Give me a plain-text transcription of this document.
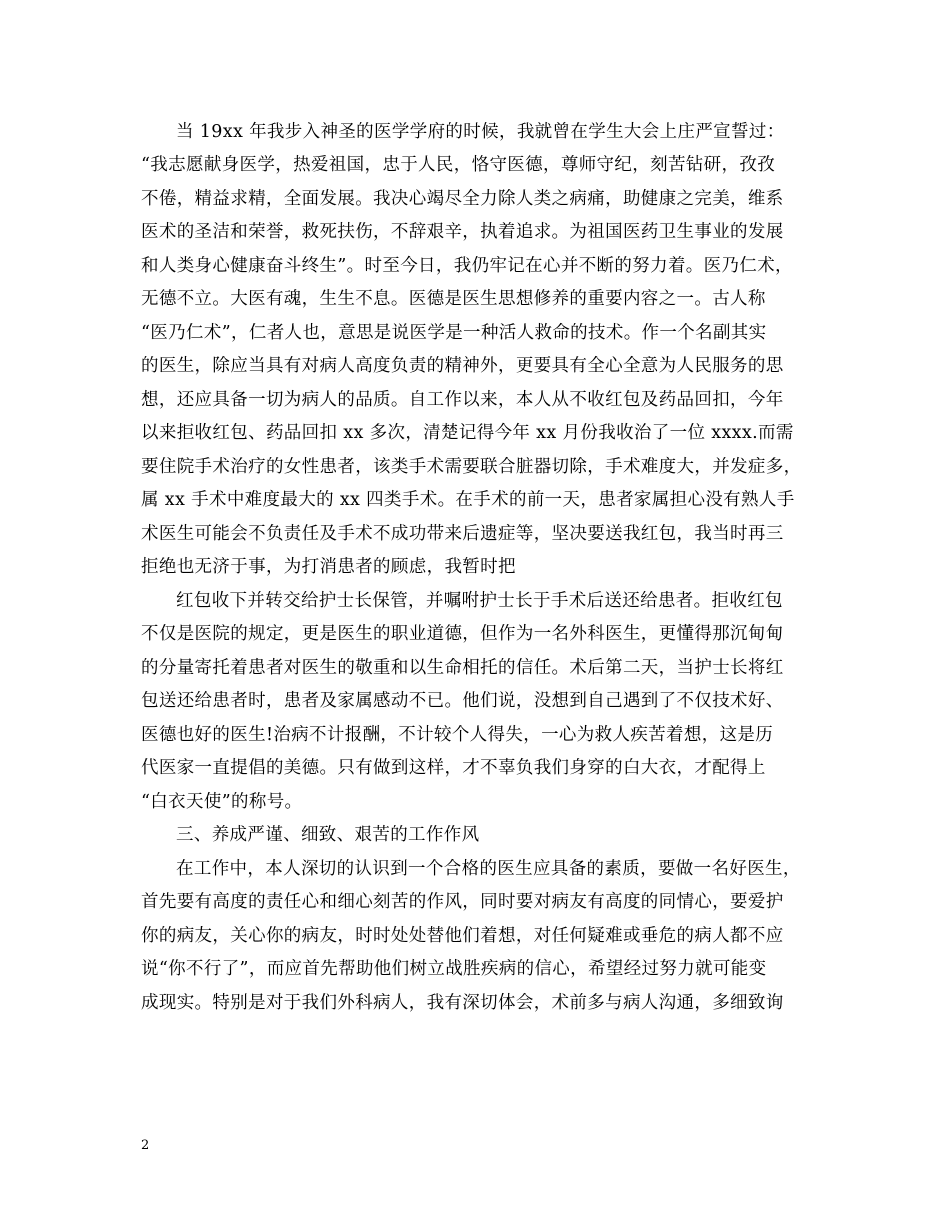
当 19xx 年我步入神圣的医学学府的时候，我就曾在学生大会上庄严宣誓过：
“我志愿献身医学，热爱祖国，忠于人民，恪守医德，尊师守纪，刻苦钻研，孜孜
不倦，精益求精，全面发展。我决心竭尽全力除人类之病痛，助健康之完美，维系
医术的圣洁和荣誉，救死扶伤，不辞艰辛，执着追求。为祖国医药卫生事业的发展
和人类身心健康奋斗终生”。时至今日，我仍牢记在心并不断的努力着。医乃仁术，
无德不立。大医有魂，生生不息。医德是医生思想修养的重要内容之一。古人称
“医乃仁术”，仁者人也，意思是说医学是一种活人救命的技术。作一个名副其实
的医生，除应当具有对病人高度负责的精神外，更要具有全心全意为人民服务的思
想，还应具备一切为病人的品质。自工作以来，本人从不收红包及药品回扣，今年
以来拒收红包、药品回扣 xx 多次，清楚记得今年 xx 月份我收治了一位 xxxx.而需
要住院手术治疗的女性患者，该类手术需要联合脏器切除，手术难度大，并发症多，
属 xx 手术中难度最大的 xx 四类手术。在手术的前一天，患者家属担心没有熟人手
术医生可能会不负责任及手术不成功带来后遗症等，坚决要送我红包，我当时再三
拒绝也无济于事，为打消患者的顾虑，我暂时把
红包收下并转交给护士长保管，并嘱咐护士长于手术后送还给患者。拒收红包
不仅是医院的规定，更是医生的职业道德，但作为一名外科医生，更懂得那沉甸甸
的分量寄托着患者对医生的敬重和以生命相托的信任。术后第二天，当护士长将红
包送还给患者时，患者及家属感动不已。他们说，没想到自己遇到了不仅技术好、
医德也好的医生!治病不计报酬，不计较个人得失，一心为救人疾苦着想，这是历
代医家一直提倡的美德。只有做到这样，才不辜负我们身穿的白大衣，才配得上
“白衣天使”的称号。
三、养成严谨、细致、艰苦的工作作风
在工作中，本人深切的认识到一个合格的医生应具备的素质，要做一名好医生，
首先要有高度的责任心和细心刻苦的作风，同时要对病友有高度的同情心，要爱护
你的病友，关心你的病友，时时处处替他们着想，对任何疑难或垂危的病人都不应
说“你不行了”，而应首先帮助他们树立战胜疾病的信心，希望经过努力就可能变
成现实。特别是对于我们外科病人，我有深切体会，术前多与病人沟通，多细致询
2
